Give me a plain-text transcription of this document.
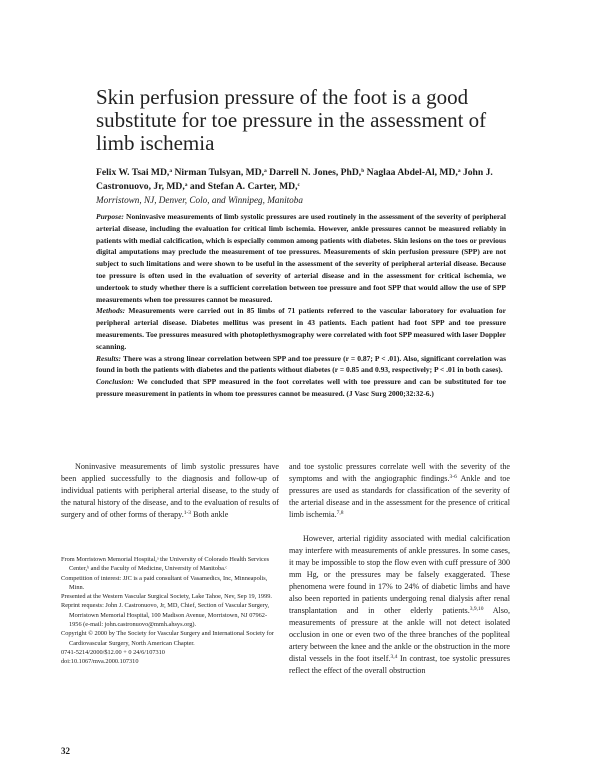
Skin perfusion pressure of the foot is a good substitute for toe pressure in the assessment of limb ischemia
Felix W. Tsai MD,$^a$ Nirman Tulsyan, MD,$^a$ Darrell N. Jones, PhD,$^b$ Naglaa Abdel-Al, MD,$^a$ John J. Castronuovo, Jr, MD,$^a$ and Stefan A. Carter, MD,$^c$
Morristown, NJ, Denver, Colo, and Winnipeg, Manitoba

Purpose: Noninvasive measurements of limb systolic pressures are used routinely in the assessment of the severity of peripheral arterial disease, including the evaluation for critical limb ischemia. However, ankle pressures cannot be measured reliably in patients with medial calcification, which is especially common among patients with diabetes. Skin lesions on the toes or previous digital amputations may preclude the measurement of toe pressures. Measurements of skin perfusion pressure (SPP) are not subject to such limitations and were shown to be useful in the assessment of the severity of peripheral arterial disease. Because toe pressure is often used in the evaluation of severity of arterial disease and in the assessment for critical ischemia, we undertook to study whether there is a sufficient correlation between toe pressure and foot SPP that would allow the use of SPP measurements when toe pressures cannot be measured.

Methods: Measurements were carried out in 85 limbs of 71 patients referred to the vascular laboratory for evaluation for peripheral arterial disease. Diabetes mellitus was present in 43 patients. Each patient had foot SPP and toe pressure measurements. Toe pressures measured with photoplethysmography were correlated with foot SPP measured with laser Doppler scanning.

Results: There was a strong linear correlation between SPP and toe pressure (r = 0.87; P < .01). Also, significant correlation was found in both the patients with diabetes and the patients without diabetes (r = 0.85 and 0.93, respectively; P < .01 in both cases).

Conclusion: We concluded that SPP measured in the foot correlates well with toe pressure and can be substituted for toe pressure measurement in patients in whom toe pressures cannot be measured. (J Vasc Surg 2000;32:32-6.)

Noninvasive measurements of limb systolic pressures have been applied successfully to the diagnosis and follow-up of individual patients with peripheral arterial disease, to the study of the natural history of the disease, and to the evaluation of results of surgery and of other forms of therapy.$^{1-3}$ Both ankle

From Morristown Memorial Hospital,ᵃ the University of Colorado Health Services Center,ᵇ and the Faculty of Medicine, University of Manitoba.ᶜ
Competition of interest: JJC is a paid consultant of Vasamedics, Inc, Minneapolis, Minn.
Presented at the Western Vascular Surgical Society, Lake Tahoe, Nev, Sep 19, 1999.
Reprint requests: John J. Castronuovo, Jr, MD, Chief, Section of Vascular Surgery, Morristown Memorial Hospital, 100 Madison Avenue, Morristown, NJ 07962-1956 (e-mail: john.castronuovo@mmh.ahsys.org).
Copyright © 2000 by The Society for Vascular Surgery and International Society for Cardiovascular Surgery, North American Chapter.
0741-5214/2000/$12.00 + 0 24/6/107310
doi:10.1067/mva.2000.107310

and toe systolic pressures correlate well with the severity of the symptoms and with the angiographic findings.$^{3-6}$ Ankle and toe pressures are used as standards for classification of the severity of the arterial disease and in the assessment for the presence of critical limb ischemia.$^{7,8}$

However, arterial rigidity associated with medial calcification may interfere with measurements of ankle pressures. In some cases, it may be impossible to stop the flow even with cuff pressure of 300 mm Hg, or the pressures may be falsely exaggerated. These phenomena were found in 17% to 24% of diabetic limbs and have also been reported in patients undergoing renal dialysis after renal transplantation and in other elderly patients.$^{3,9,10}$ Also, measurements of pressure at the ankle will not detect isolated occlusion in one or even two of the three branches of the popliteal artery between the knee and the ankle or the obstruction in the more distal vessels in the foot itself.$^{3,4}$ In contrast, toe systolic pressures reflect the effect of the overall obstruction

32
